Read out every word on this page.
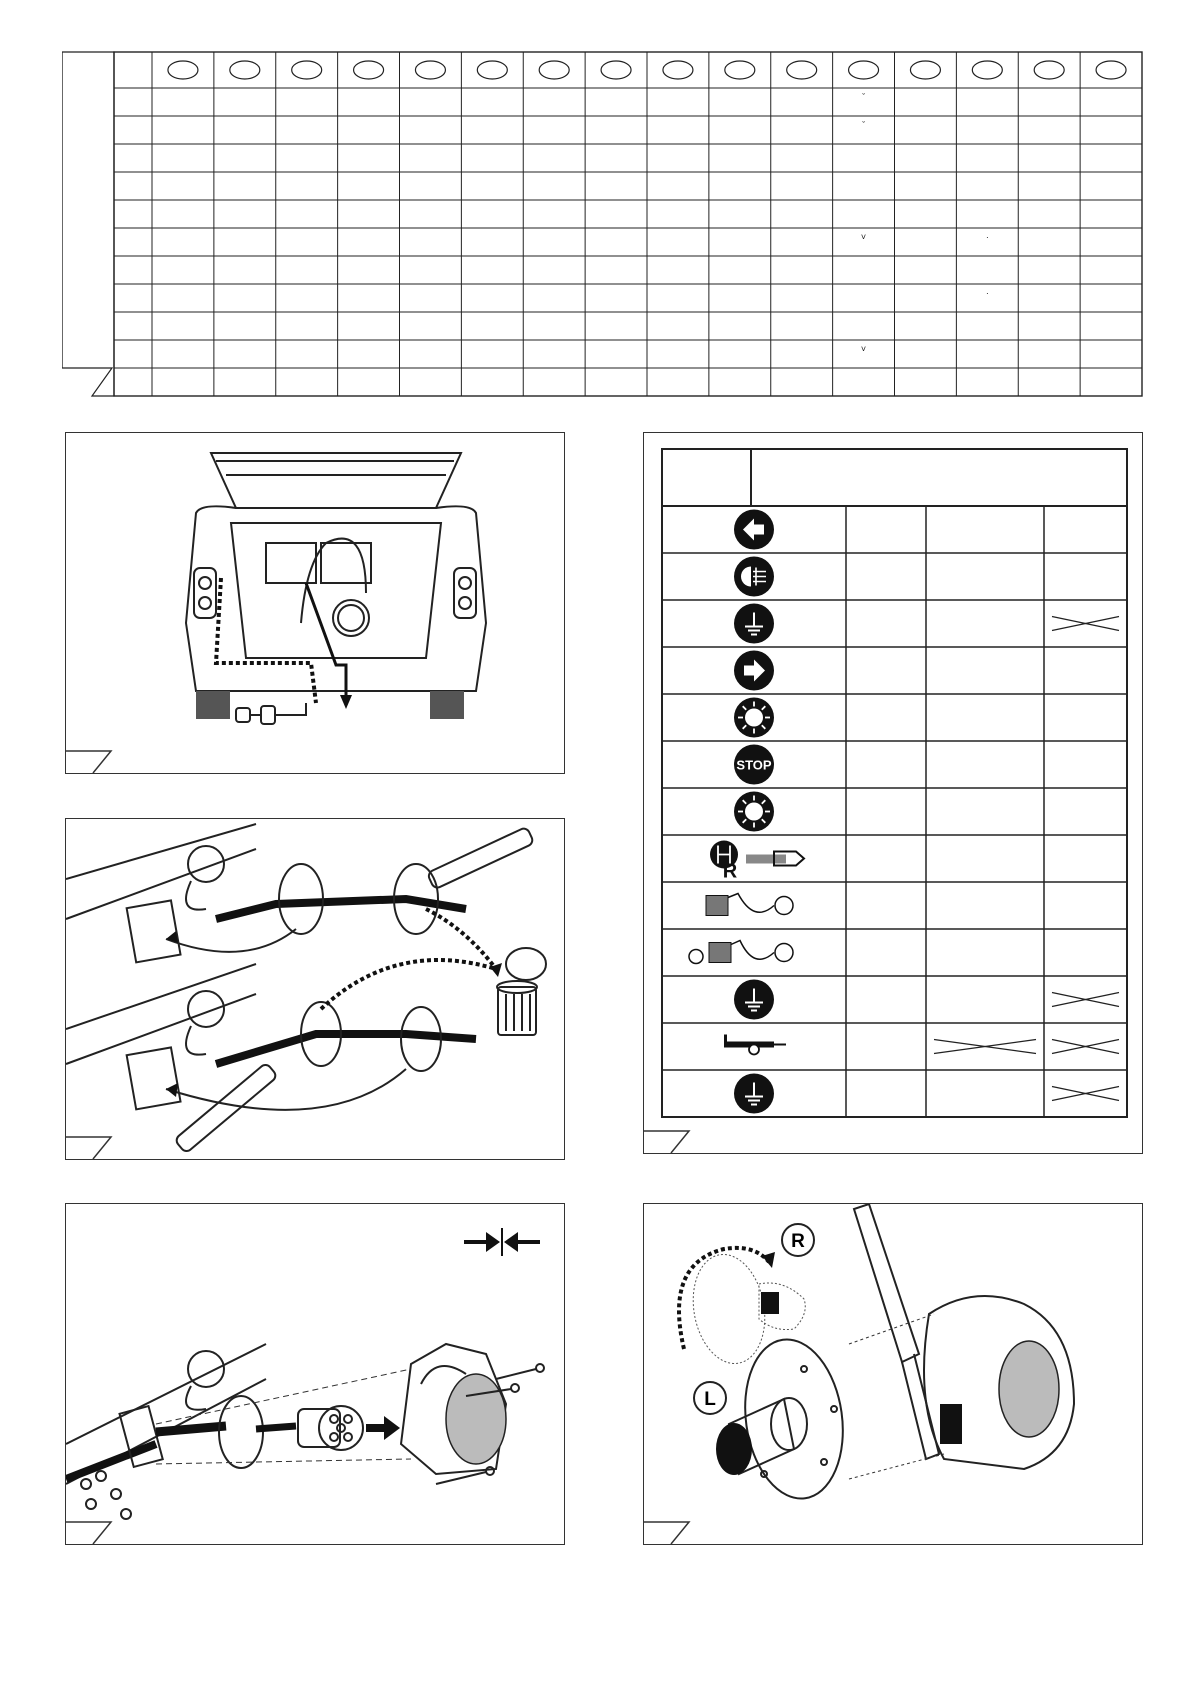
ˇ
ˇ
˅	·
·
˅
STOP
R
R
L
